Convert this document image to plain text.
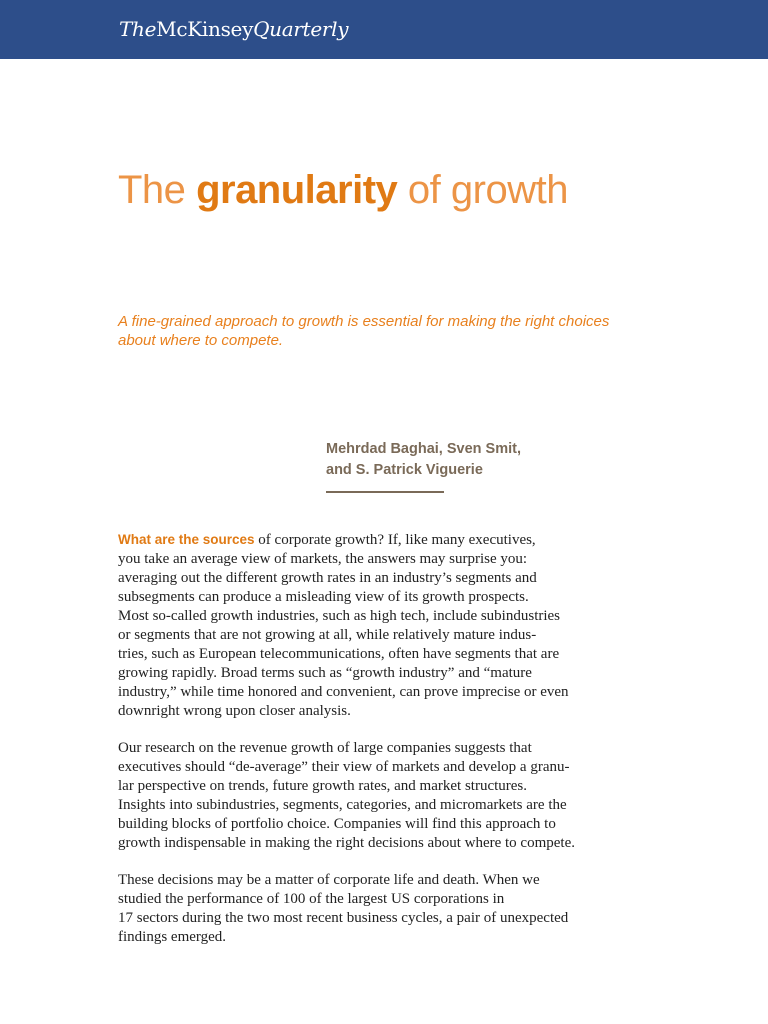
TheMcKinseyQuarterly
The granularity of growth

A fine-grained approach to growth is essential for making the right choices
about where to compete.

Mehrdad Baghai, Sven Smit,
and S. Patrick Viguerie

What are the sources of corporate growth? If, like many executives,
you take an average view of markets, the answers may surprise you:
averaging out the different growth rates in an industry’s segments and
subsegments can produce a misleading view of its growth prospects.
Most so-called growth industries, such as high tech, include subindustries
or segments that are not growing at all, while relatively mature indus-
tries, such as European telecommunications, often have segments that are
growing rapidly. Broad terms such as “growth industry” and “mature
industry,” while time honored and convenient, can prove imprecise or even
downright wrong upon closer analysis.

Our research on the revenue growth of large companies suggests that
executives should “de-average” their view of markets and develop a granu-
lar perspective on trends, future growth rates, and market structures.
Insights into subindustries, segments, categories, and micromarkets are the
building blocks of portfolio choice. Companies will find this approach to
growth indispensable in making the right decisions about where to compete.

These decisions may be a matter of corporate life and death. When we
studied the performance of 100 of the largest US corporations in
17 sectors during the two most recent business cycles, a pair of unexpected
findings emerged.
